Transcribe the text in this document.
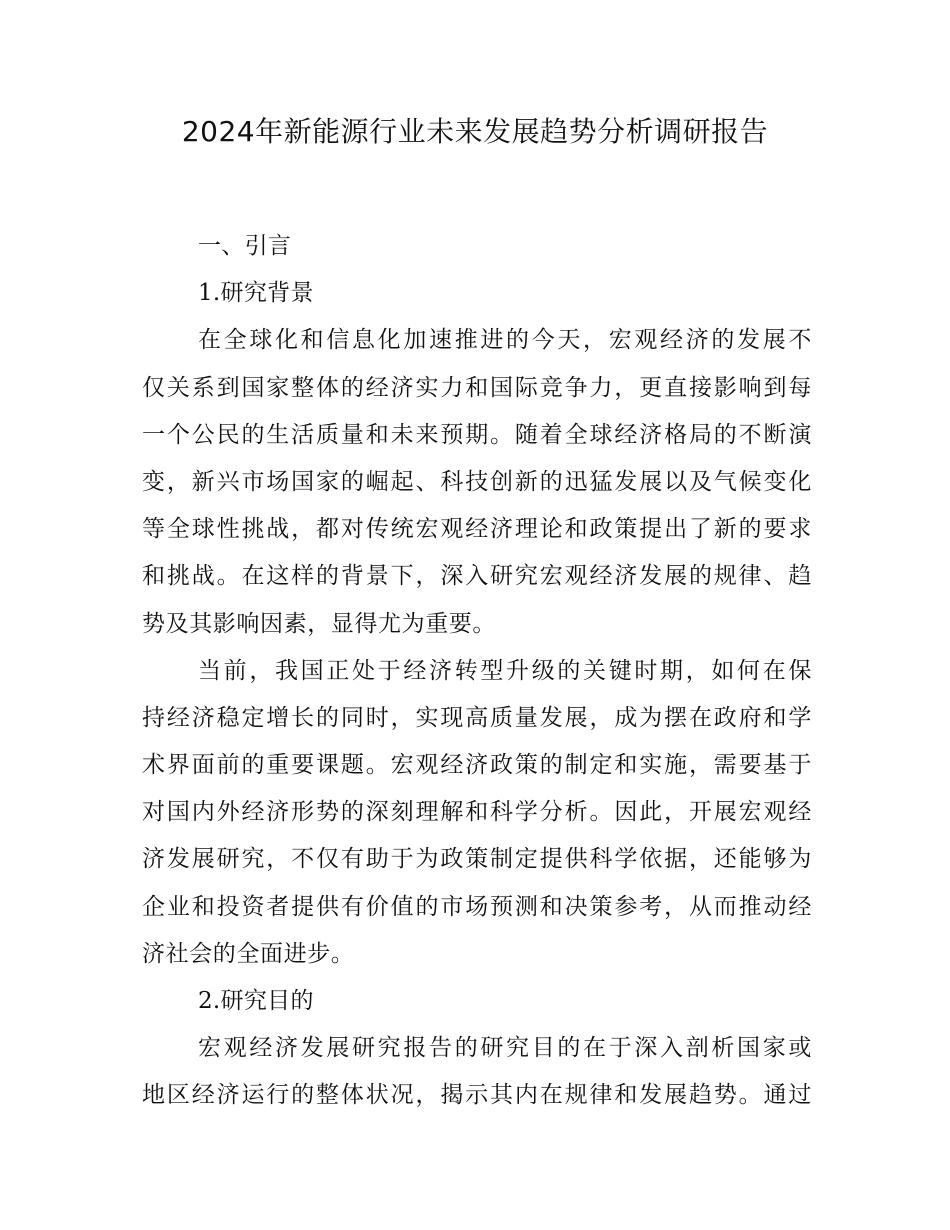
2024年新能源行业未来发展趋势分析调研报告
一、引言
1.研究背景
在全球化和信息化加速推进的今天，宏观经济的发展不
仅关系到国家整体的经济实力和国际竞争力，更直接影响到每
一个公民的生活质量和未来预期。随着全球经济格局的不断演
变，新兴市场国家的崛起、科技创新的迅猛发展以及气候变化
等全球性挑战，都对传统宏观经济理论和政策提出了新的要求
和挑战。在这样的背景下，深入研究宏观经济发展的规律、趋
势及其影响因素，显得尤为重要。
当前，我国正处于经济转型升级的关键时期，如何在保
持经济稳定增长的同时，实现高质量发展，成为摆在政府和学
术界面前的重要课题。宏观经济政策的制定和实施，需要基于
对国内外经济形势的深刻理解和科学分析。因此，开展宏观经
济发展研究，不仅有助于为政策制定提供科学依据，还能够为
企业和投资者提供有价值的市场预测和决策参考，从而推动经
济社会的全面进步。
2.研究目的
宏观经济发展研究报告的研究目的在于深入剖析国家或
地区经济运行的整体状况，揭示其内在规律和发展趋势。通过
